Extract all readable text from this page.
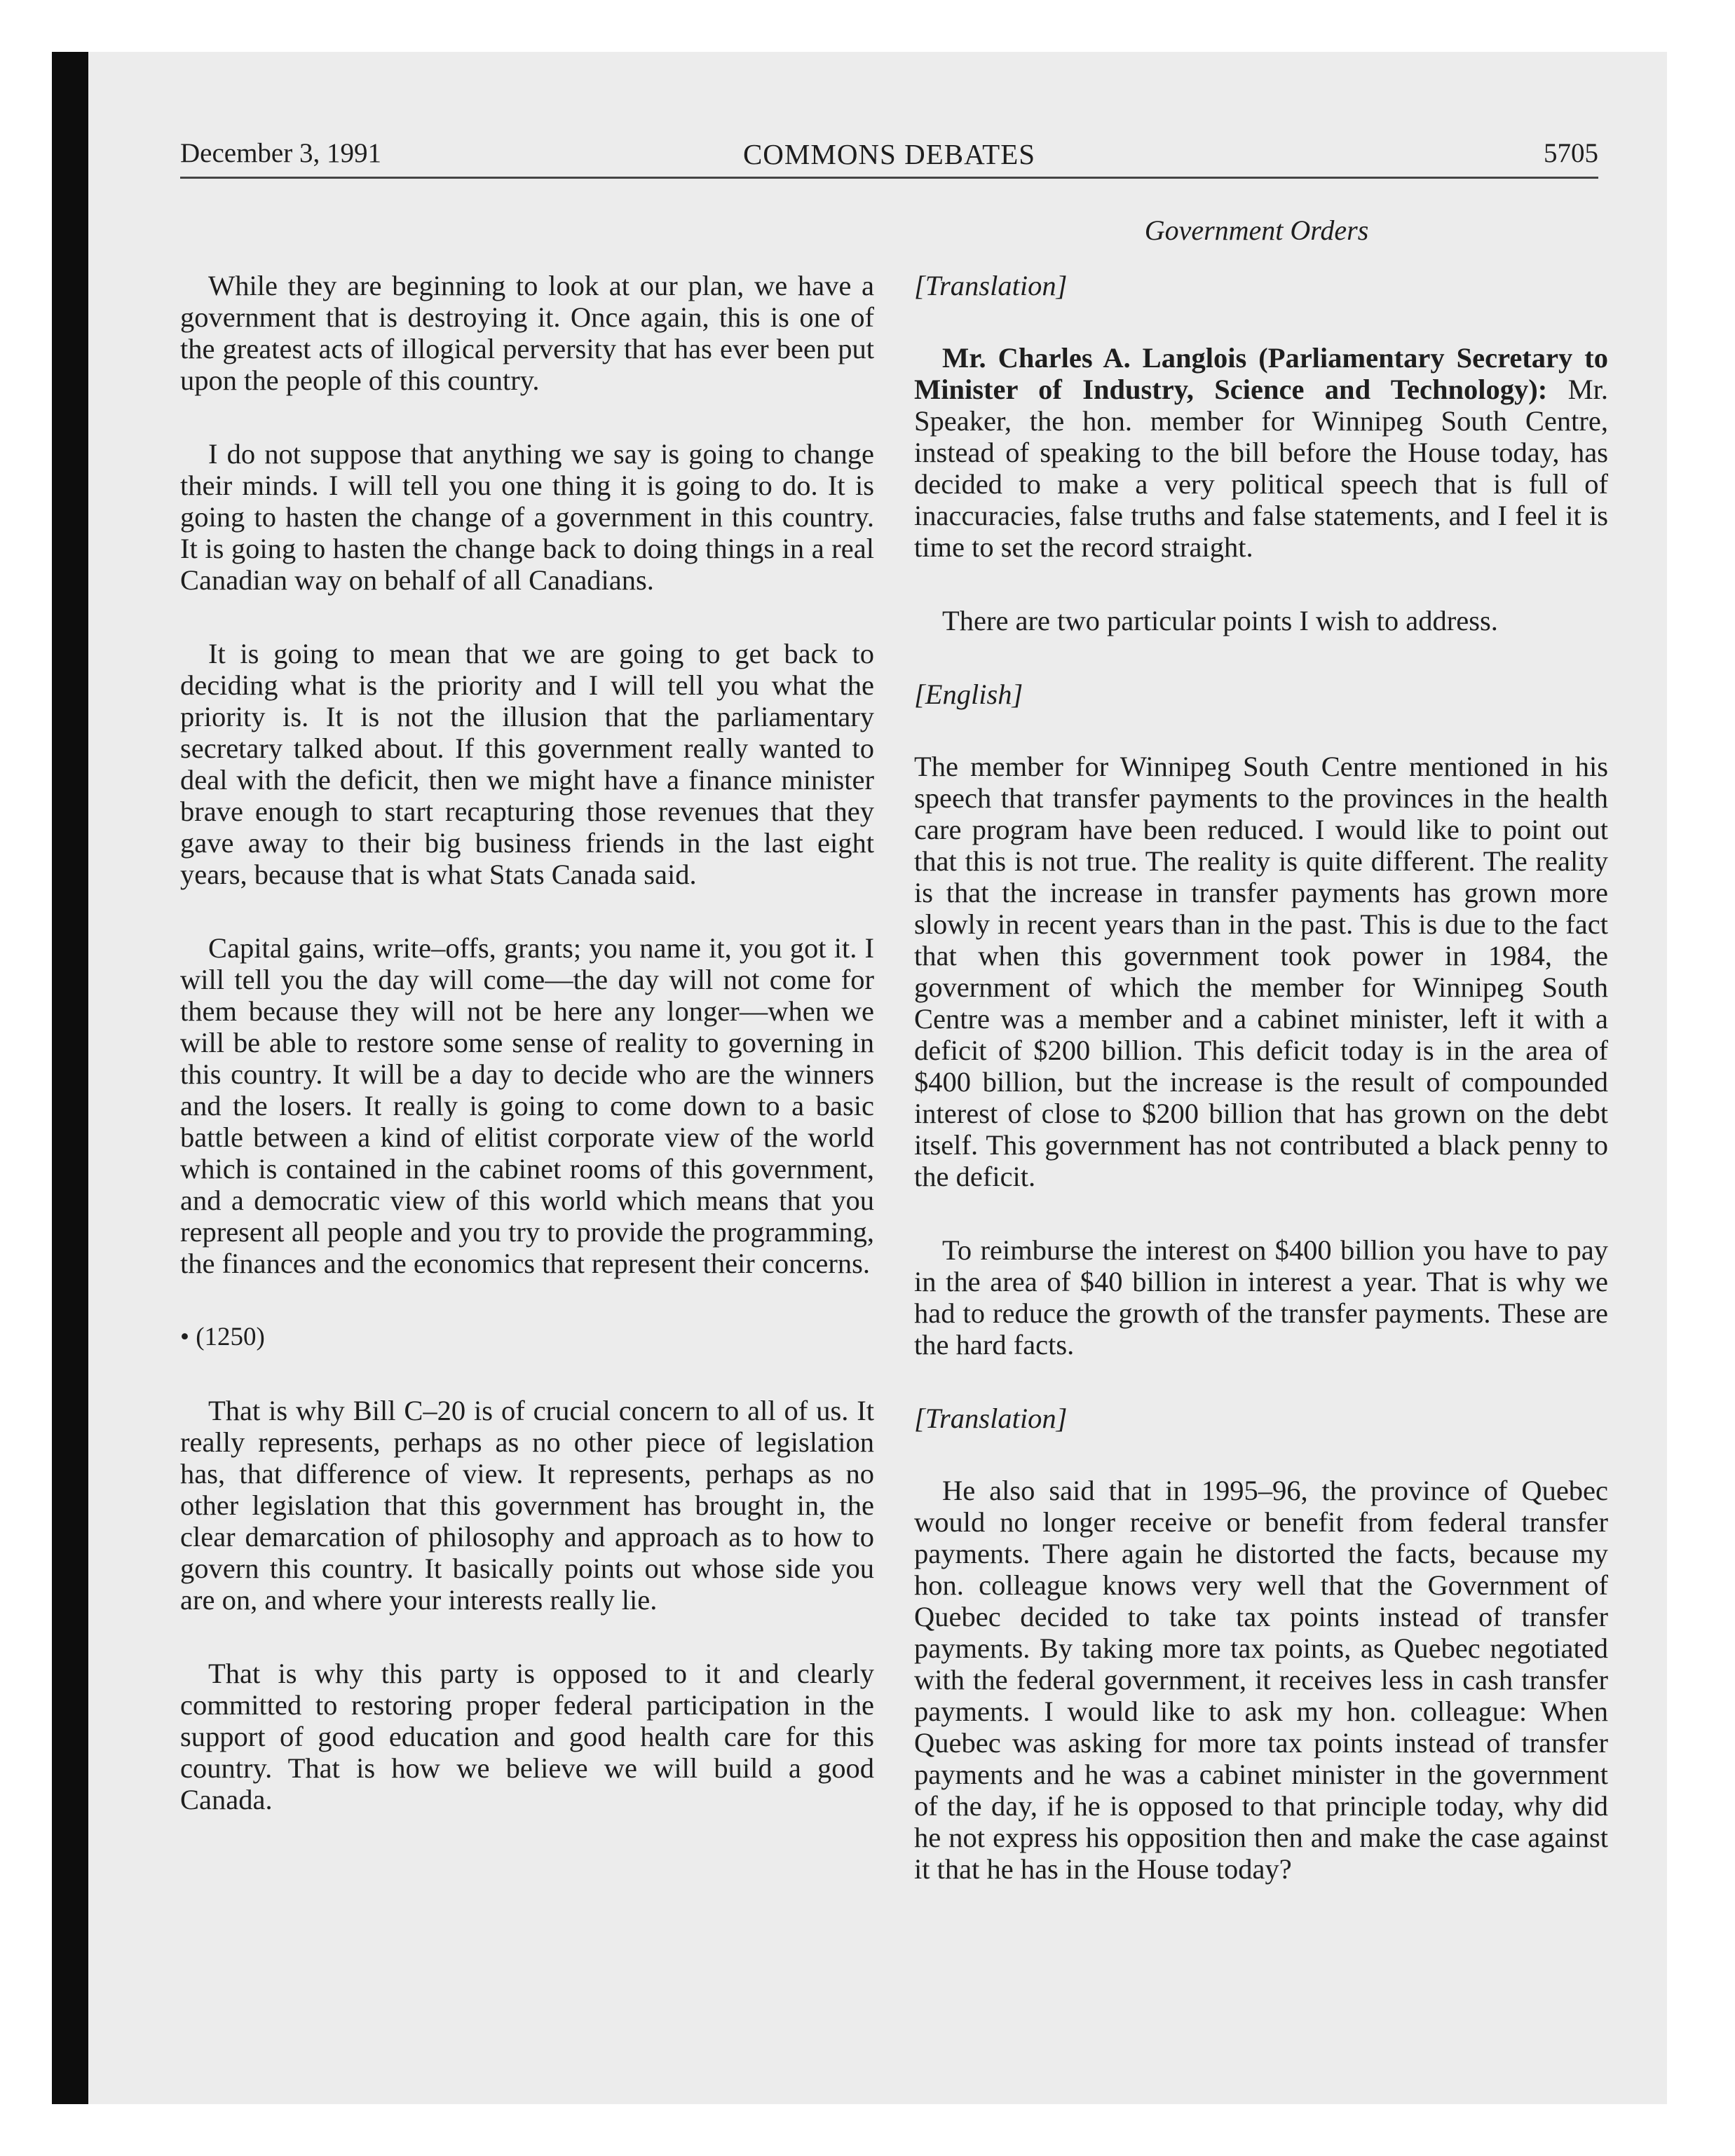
December 3, 1991	COMMONS DEBATES	5705
Government Orders

While they are beginning to look at our plan, we have a government that is destroying it. Once again, this is one of the greatest acts of illogical perversity that has ever been put upon the people of this country.

I do not suppose that anything we say is going to change their minds. I will tell you one thing it is going to do. It is going to hasten the change of a government in this country. It is going to hasten the change back to doing things in a real Canadian way on behalf of all Canadians.

It is going to mean that we are going to get back to deciding what is the priority and I will tell you what the priority is. It is not the illusion that the parliamentary secretary talked about. If this government really wanted to deal with the deficit, then we might have a finance minister brave enough to start recapturing those revenues that they gave away to their big business friends in the last eight years, because that is what Stats Canada said.

Capital gains, write–offs, grants; you name it, you got it. I will tell you the day will come—the day will not come for them because they will not be here any longer—when we will be able to restore some sense of reality to governing in this country. It will be a day to decide who are the winners and the losers. It really is going to come down to a basic battle between a kind of elitist corporate view of the world which is contained in the cabinet rooms of this government, and a democratic view of this world which means that you represent all people and you try to provide the programming, the finances and the economics that represent their concerns.

• (1250)

That is why Bill C–20 is of crucial concern to all of us. It really represents, perhaps as no other piece of legislation has, that difference of view. It represents, perhaps as no other legislation that this government has brought in, the clear demarcation of philosophy and approach as to how to govern this country. It basically points out whose side you are on, and where your interests really lie.

That is why this party is opposed to it and clearly committed to restoring proper federal participation in the support of good education and good health care for this country. That is how we believe we will build a good Canada.

[Translation]

Mr. Charles A. Langlois (Parliamentary Secretary to Minister of Industry, Science and Technology): Mr. Speaker, the hon. member for Winnipeg South Centre, instead of speaking to the bill before the House today, has decided to make a very political speech that is full of inaccuracies, false truths and false statements, and I feel it is time to set the record straight.

There are two particular points I wish to address.

[English]

The member for Winnipeg South Centre mentioned in his speech that transfer payments to the provinces in the health care program have been reduced. I would like to point out that this is not true. The reality is quite different. The reality is that the increase in transfer payments has grown more slowly in recent years than in the past. This is due to the fact that when this government took power in 1984, the government of which the member for Winnipeg South Centre was a member and a cabinet minister, left it with a deficit of $200 billion. This deficit today is in the area of $400 billion, but the increase is the result of compounded interest of close to $200 billion that has grown on the debt itself. This government has not contributed a black penny to the deficit.

To reimburse the interest on $400 billion you have to pay in the area of $40 billion in interest a year. That is why we had to reduce the growth of the transfer payments. These are the hard facts.

[Translation]

He also said that in 1995–96, the province of Quebec would no longer receive or benefit from federal transfer payments. There again he distorted the facts, because my hon. colleague knows very well that the Government of Quebec decided to take tax points instead of transfer payments. By taking more tax points, as Quebec negotiated with the federal government, it receives less in cash transfer payments. I would like to ask my hon. colleague: When Quebec was asking for more tax points instead of transfer payments and he was a cabinet minister in the government of the day, if he is opposed to that principle today, why did he not express his opposition then and make the case against it that he has in the House today?
